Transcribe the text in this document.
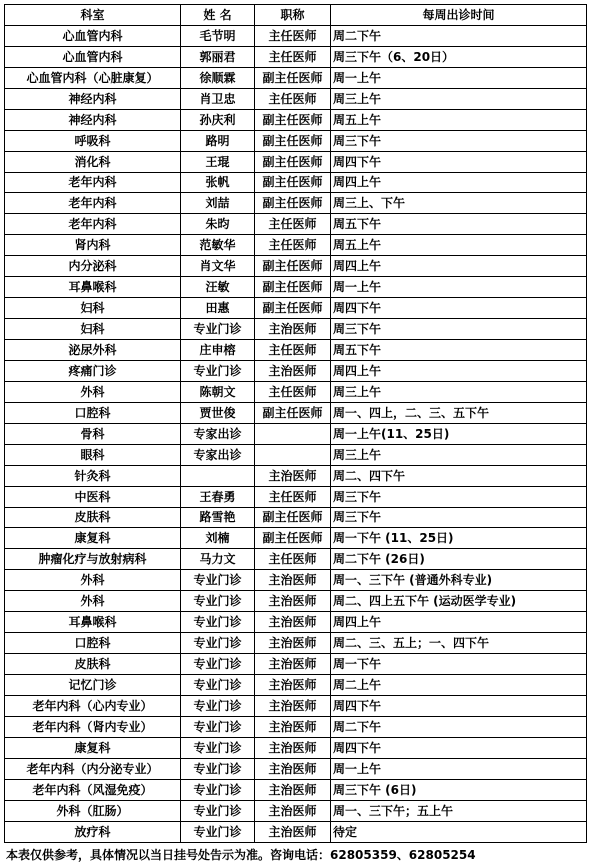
科室	姓 名	职称	每周出诊时间
心血管内科	毛节明	主任医师	周二下午
心血管内科	郭丽君	主任医师	周三下午（6、20日）
心血管内科（心脏康复）	徐顺霖	副主任医师	周一上午
神经内科	肖卫忠	主任医师	周三上午
神经内科	孙庆利	副主任医师	周五上午
呼吸科	路明	副主任医师	周三下午
消化科	王琨	副主任医师	周四下午
老年内科	张帆	副主任医师	周四上午
老年内科	刘喆	副主任医师	周三上、下午
老年内科	朱昀	主任医师	周五下午
肾内科	范敏华	主任医师	周五上午
内分泌科	肖文华	副主任医师	周四上午
耳鼻喉科	汪敏	副主任医师	周一上午
妇科	田惠	副主任医师	周四下午
妇科	专业门诊	主治医师	周三下午
泌尿外科	庄申榕	主任医师	周五下午
疼痛门诊	专业门诊	主治医师	周四上午
外科	陈朝文	主任医师	周三上午
口腔科	贾世俊	副主任医师	周一、四上，二、三、五下午
骨科	专家出诊		周一上午(11、25日)
眼科	专家出诊		周三上午
针灸科		主治医师	周二、四下午
中医科	王春勇	主任医师	周三下午
皮肤科	路雪艳	副主任医师	周三下午
康复科	刘楠	副主任医师	周一下午 (11、25日)
肿瘤化疗与放射病科	马力文	主任医师	周二下午 (26日)
外科	专业门诊	主治医师	周一、三下午 (普通外科专业)
外科	专业门诊	主治医师	周二、四上五下午 (运动医学专业)
耳鼻喉科	专业门诊	主治医师	周四上午
口腔科	专业门诊	主治医师	周二、三、五上；一、四下午
皮肤科	专业门诊	主治医师	周一下午
记忆门诊	专业门诊	主治医师	周二上午
老年内科（心内专业）	专业门诊	主治医师	周四下午
老年内科（肾内专业）	专业门诊	主治医师	周二下午
康复科	专业门诊	主治医师	周四下午
老年内科（内分泌专业）	专业门诊	主治医师	周一上午
老年内科（风湿免疫）	专业门诊	主治医师	周三下午 (6日)
外科（肛肠）	专业门诊	主治医师	周一、三下午；五上午
放疗科	专业门诊	主治医师	待定
本表仅供参考，具体情况以当日挂号处告示为准。咨询电话：62805359、62805254
